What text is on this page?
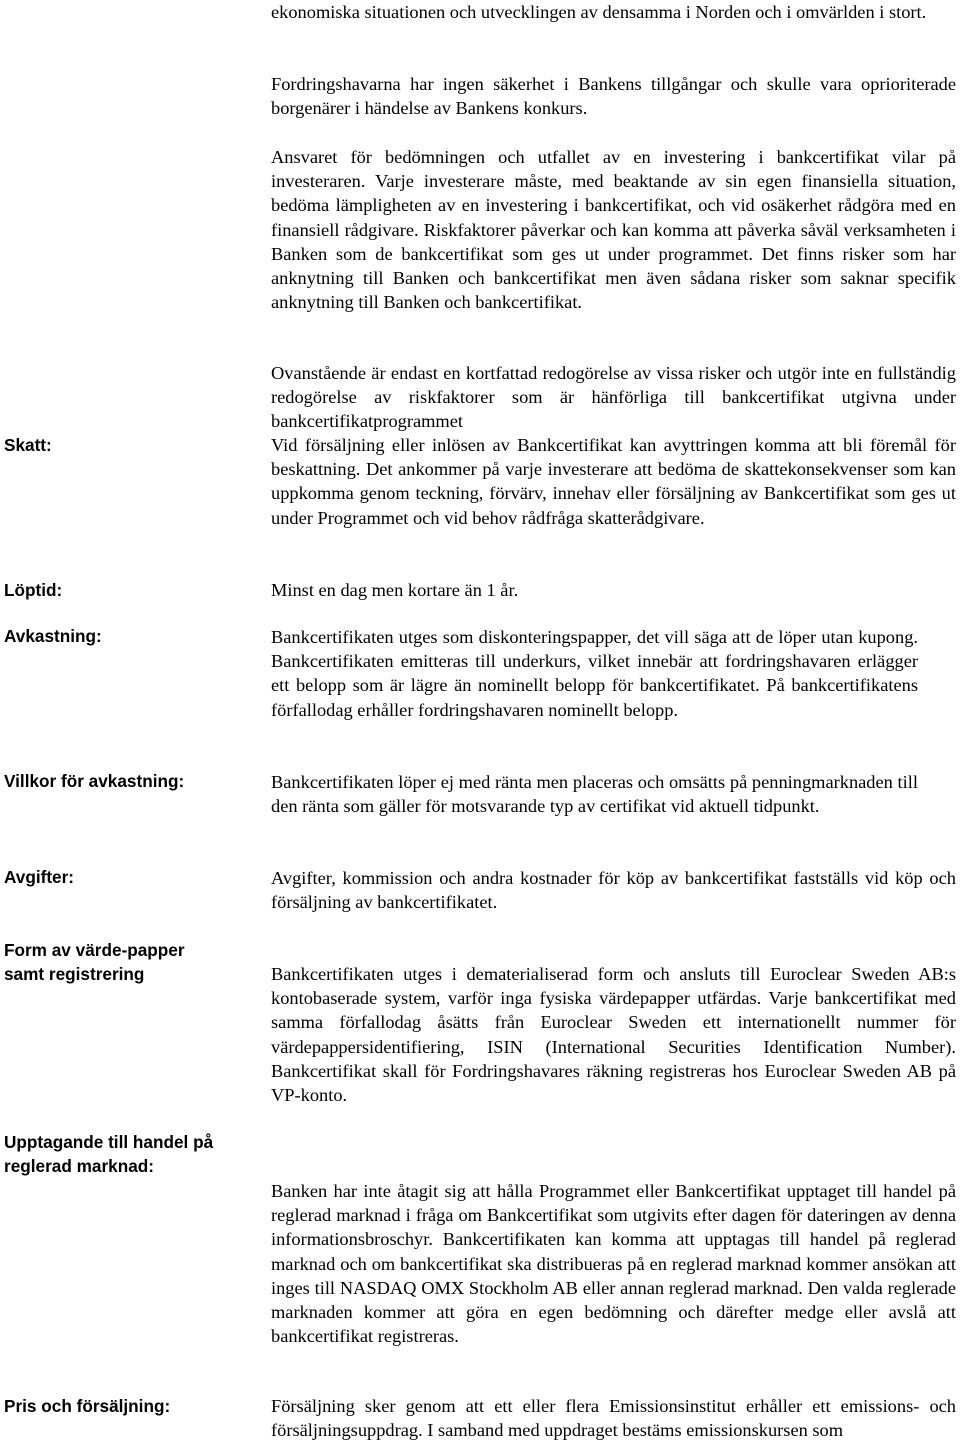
Skatt:
Löptid:
Avkastning:
Villkor för avkastning:
Avgifter:
Form av värde-papper samt registrering
Upptagande till handel på reglerad marknad:
Pris och försäljning:

ekonomiska situationen och utvecklingen av densamma i Norden och i omvärlden i stort.

Fordringshavarna har ingen säkerhet i Bankens tillgångar och skulle vara oprioriterade borgenärer i händelse av Bankens konkurs.

Ansvaret för bedömningen och utfallet av en investering i bankcertifikat vilar på investeraren. Varje investerare måste, med beaktande av sin egen finansiella situation, bedöma lämpligheten av en investering i bankcertifikat, och vid osäkerhet rådgöra med en finansiell rådgivare. Riskfaktorer påverkar och kan komma att påverka såväl verksamheten i Banken som de bankcertifikat som ges ut under programmet. Det finns risker som har anknytning till Banken och bankcertifikat men även sådana risker som saknar specifik anknytning till Banken och bankcertifikat.

Ovanstående är endast en kortfattad redogörelse av vissa risker och utgör inte en fullständig redogörelse av riskfaktorer som är hänförliga till bankcertifikat utgivna under bankcertifikatprogrammet

Vid försäljning eller inlösen av Bankcertifikat kan avyttringen komma att bli föremål för beskattning. Det ankommer på varje investerare att bedöma de skattekonsekvenser som kan uppkomma genom teckning, förvärv, innehav eller försäljning av Bankcertifikat som ges ut under Programmet och vid behov rådfråga skatterådgivare.

Minst en dag men kortare än 1 år.

Bankcertifikaten utges som diskonteringspapper, det vill säga att de löper utan kupong. Bankcertifikaten emitteras till underkurs, vilket innebär att fordringshavaren erlägger ett belopp som är lägre än nominellt belopp för bankcertifikatet. På bankcertifikatens förfallodag erhåller fordringshavaren nominellt belopp.

Bankcertifikaten löper ej med ränta men placeras och omsätts på penningmarknaden till den ränta som gäller för motsvarande typ av certifikat vid aktuell tidpunkt.

Avgifter, kommission och andra kostnader för köp av bankcertifikat fastställs vid köp och försäljning av bankcertifikatet.

Bankcertifikaten utges i dematerialiserad form och ansluts till Euroclear Sweden AB:s kontobaserade system, varför inga fysiska värdepapper utfärdas. Varje bankcertifikat med samma förfallodag åsätts från Euroclear Sweden ett internationellt nummer för värdepappersidentifiering, ISIN (International Securities Identification Number). Bankcertifikat skall för Fordringshavares räkning registreras hos Euroclear Sweden AB på VP-konto.

Banken har inte åtagit sig att hålla Programmet eller Bankcertifikat upptaget till handel på reglerad marknad i fråga om Bankcertifikat som utgivits efter dagen för dateringen av denna informationsbroschyr. Bankcertifikaten kan komma att upptagas till handel på reglerad marknad och om bankcertifikat ska distribueras på en reglerad marknad kommer ansökan att inges till NASDAQ OMX Stockholm AB eller annan reglerad marknad. Den valda reglerade marknaden kommer att göra en egen bedömning och därefter medge eller avslå att bankcertifikat registreras.

Försäljning sker genom att ett eller flera Emissionsinstitut erhåller ett emissions- och försäljningsuppdrag. I samband med uppdraget bestäms emissionskursen som
